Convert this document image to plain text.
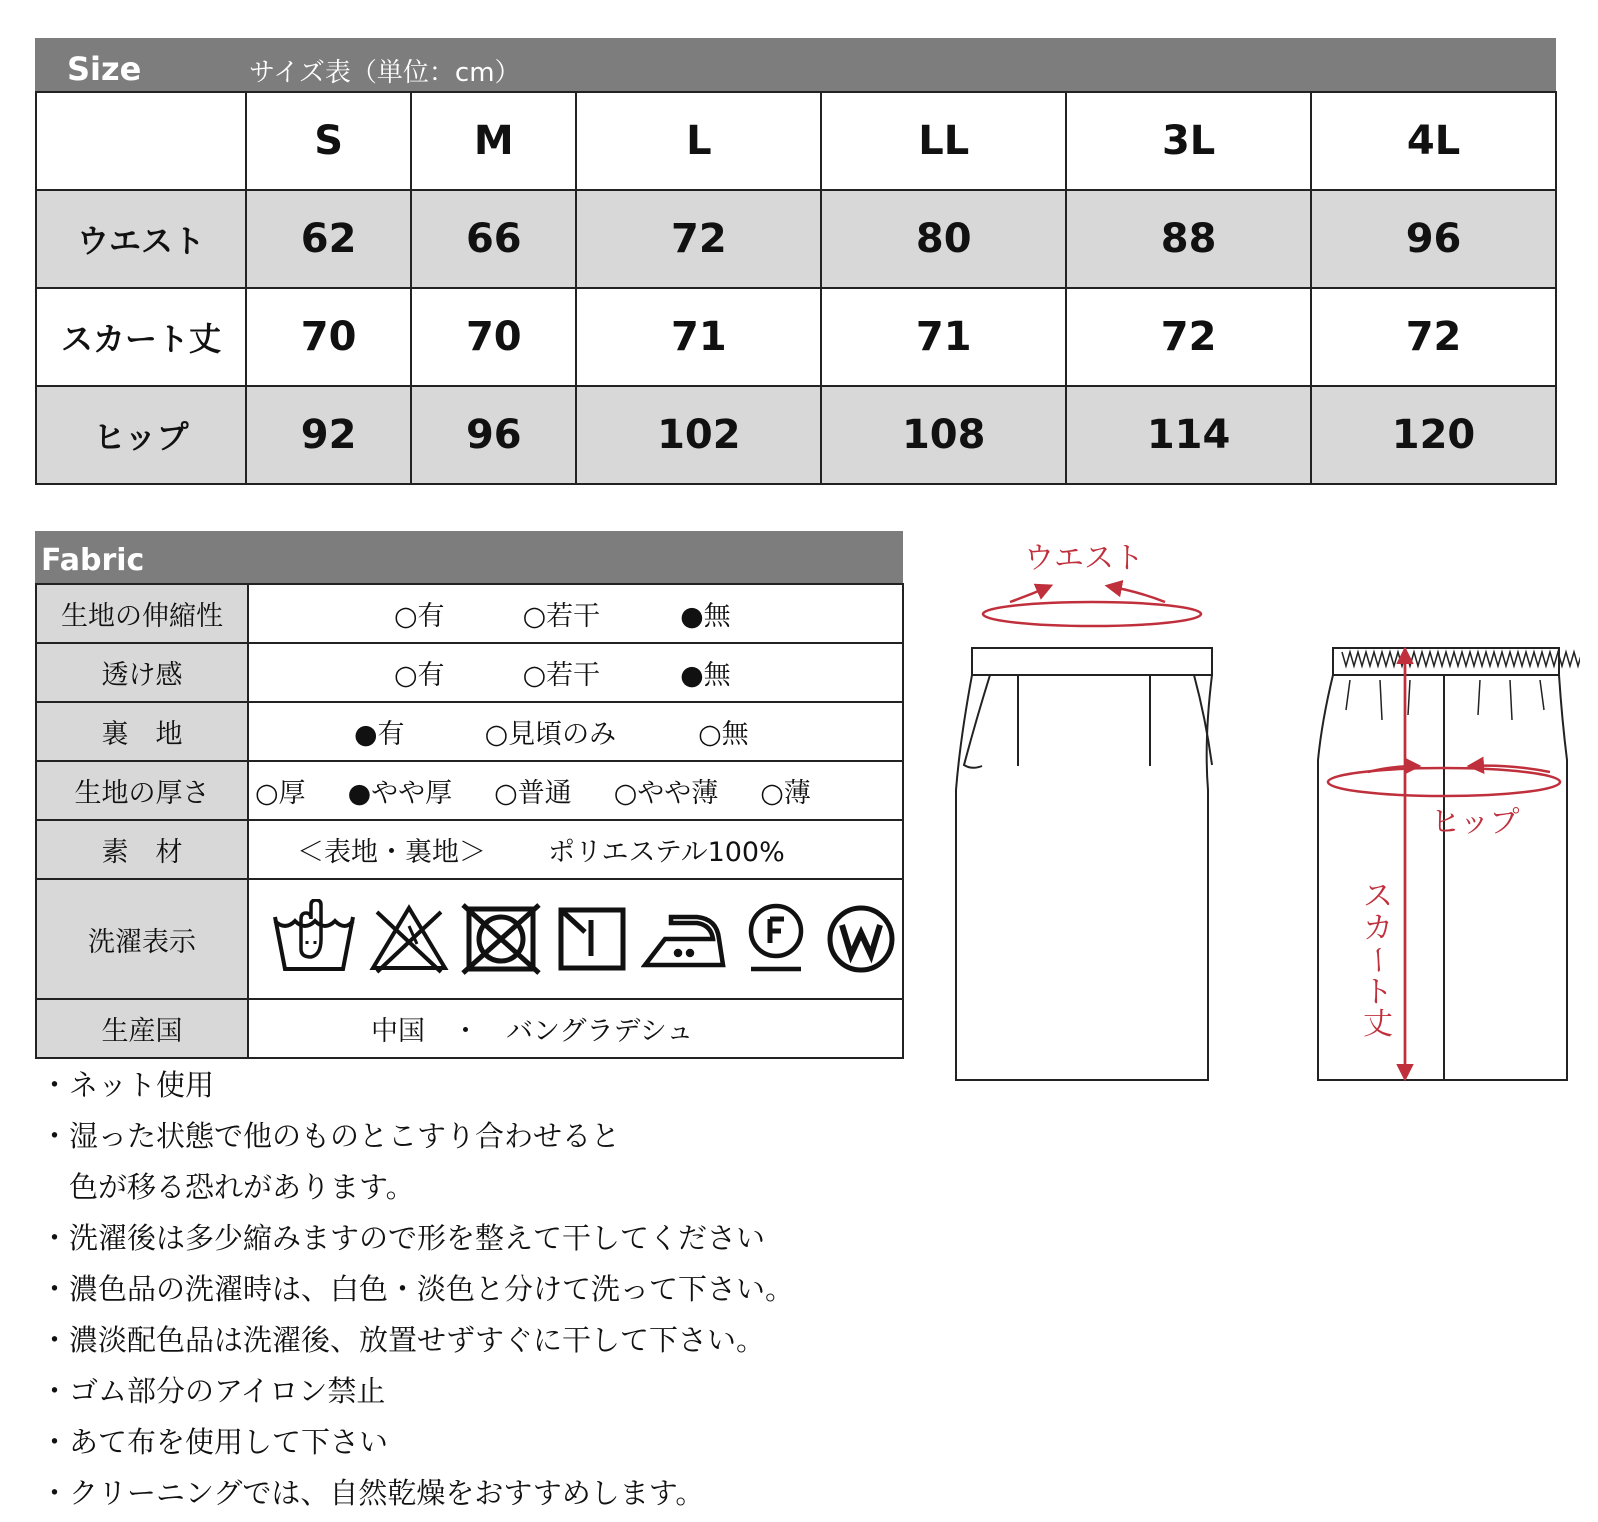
Size	サイズ表（単位：cm）
	S	M	L	LL	3L	4L
ウエスト	62	66	72	80	88	96
スカート丈	70	70	71	71	72	72
ヒップ	92	96	102	108	114	120
Fabric
生地の伸縮性	○有 ○若干 ●無

透け感	○有 ○若干 ●無

裏　地	●有 ○見頃のみ ○無

生地の厚さ	○厚 ●やや厚 ○普通 ○やや薄 ○薄

素　材	＜表地・裏地＞ ポリエステル100%

洗濯表示	

生産国	中国　・　バングラデシュ
・ネット使用
・湿った状態で他のものとこすり合わせると
　色が移る恐れがあります。
・洗濯後は多少縮みますので形を整えて干してください
・濃色品の洗濯時は、白色・淡色と分けて洗って下さい。
・濃淡配色品は洗濯後、放置せずすぐに干して下さい。
・ゴム部分のアイロン禁止
・あて布を使用して下さい
・クリーニングでは、自然乾燥をおすすめします。
ウエスト
ヒップ
ス
カ
ー
ト
丈
